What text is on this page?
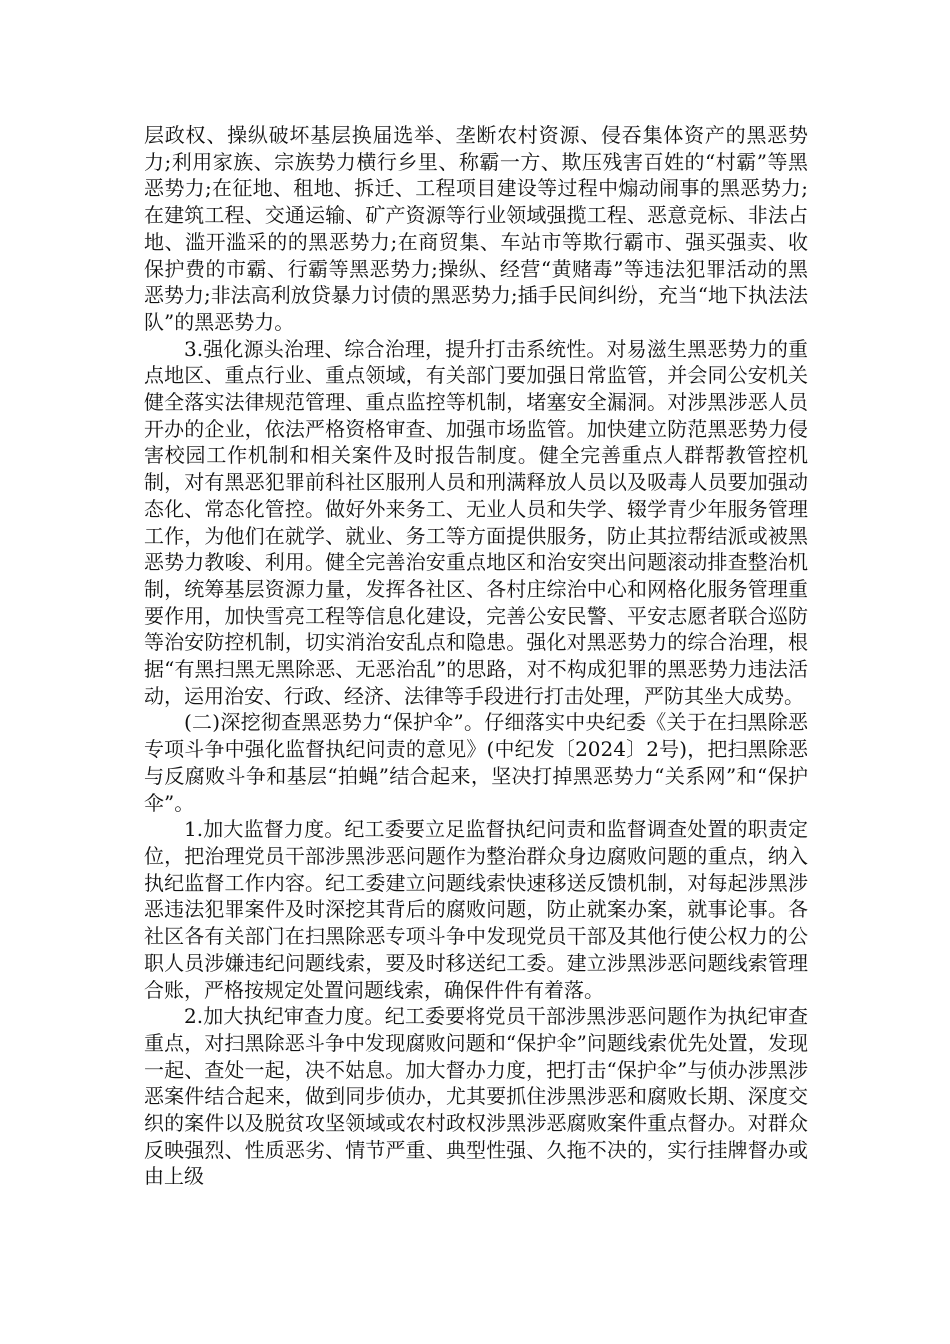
层政权、操纵破坏基层换届选举、垄断农村资源、侵吞集体资产的黑恶势力;利用家族、宗族势力横行乡里、称霸一方、欺压残害百姓的“村霸”等黑恶势力;在征地、租地、拆迁、工程项目建设等过程中煽动闹事的黑恶势力;在建筑工程、交通运输、矿产资源等行业领域强揽工程、恶意竞标、非法占地、滥开滥采的的黑恶势力;在商贸集、车站市等欺行霸市、强买强卖、收保护费的市霸、行霸等黑恶势力;操纵、经营“黄赌毒”等违法犯罪活动的黑恶势力;非法高利放贷暴力讨债的黑恶势力;插手民间纠纷，充当“地下执法法队”的黑恶势力。

3.强化源头治理、综合治理，提升打击系统性。对易滋生黑恶势力的重点地区、重点行业、重点领域，有关部门要加强日常监管，并会同公安机关健全落实法律规范管理、重点监控等机制，堵塞安全漏洞。对涉黑涉恶人员开办的企业，依法严格资格审查、加强市场监管。加快建立防范黑恶势力侵害校园工作机制和相关案件及时报告制度。健全完善重点人群帮教管控机制，对有黑恶犯罪前科社区服刑人员和刑满释放人员以及吸毒人员要加强动态化、常态化管控。做好外来务工、无业人员和失学、辍学青少年服务管理工作，为他们在就学、就业、务工等方面提供服务，防止其拉帮结派或被黑恶势力教唆、利用。健全完善治安重点地区和治安突出问题滚动排查整治机制，统筹基层资源力量，发挥各社区、各村庄综治中心和网格化服务管理重要作用，加快雪亮工程等信息化建设，完善公安民警、平安志愿者联合巡防等治安防控机制，切实消治安乱点和隐患。强化对黑恶势力的综合治理，根据“有黑扫黑无黑除恶、无恶治乱”的思路，对不构成犯罪的黑恶势力违法活动，运用治安、行政、经济、法律等手段进行打击处理，严防其坐大成势。

(二)深挖彻查黑恶势力“保护伞”。仔细落实中央纪委《关于在扫黑除恶专项斗争中强化监督执纪问责的意见》(中纪发〔2024〕2号)，把扫黑除恶与反腐败斗争和基层“拍蝇”结合起来，坚决打掉黑恶势力“关系网”和“保护伞”。

1.加大监督力度。纪工委要立足监督执纪问责和监督调查处置的职责定位，把治理党员干部涉黑涉恶问题作为整治群众身边腐败问题的重点，纳入执纪监督工作内容。纪工委建立问题线索快速移送反馈机制，对每起涉黑涉恶违法犯罪案件及时深挖其背后的腐败问题，防止就案办案，就事论事。各社区各有关部门在扫黑除恶专项斗争中发现党员干部及其他行使公权力的公职人员涉嫌违纪问题线索，要及时移送纪工委。建立涉黑涉恶问题线索管理合账，严格按规定处置问题线索，确保件件有着落。

2.加大执纪审查力度。纪工委要将党员干部涉黑涉恶问题作为执纪审查重点，对扫黑除恶斗争中发现腐败问题和“保护伞”问题线索优先处置，发现一起、查处一起，决不姑息。加大督办力度，把打击“保护伞”与侦办涉黑涉恶案件结合起来，做到同步侦办，尤其要抓住涉黑涉恶和腐败长期、深度交织的案件以及脱贫攻坚领域或农村政权涉黑涉恶腐败案件重点督办。对群众反映强烈、性质恶劣、情节严重、典型性强、久拖不决的，实行挂牌督办或由上级
